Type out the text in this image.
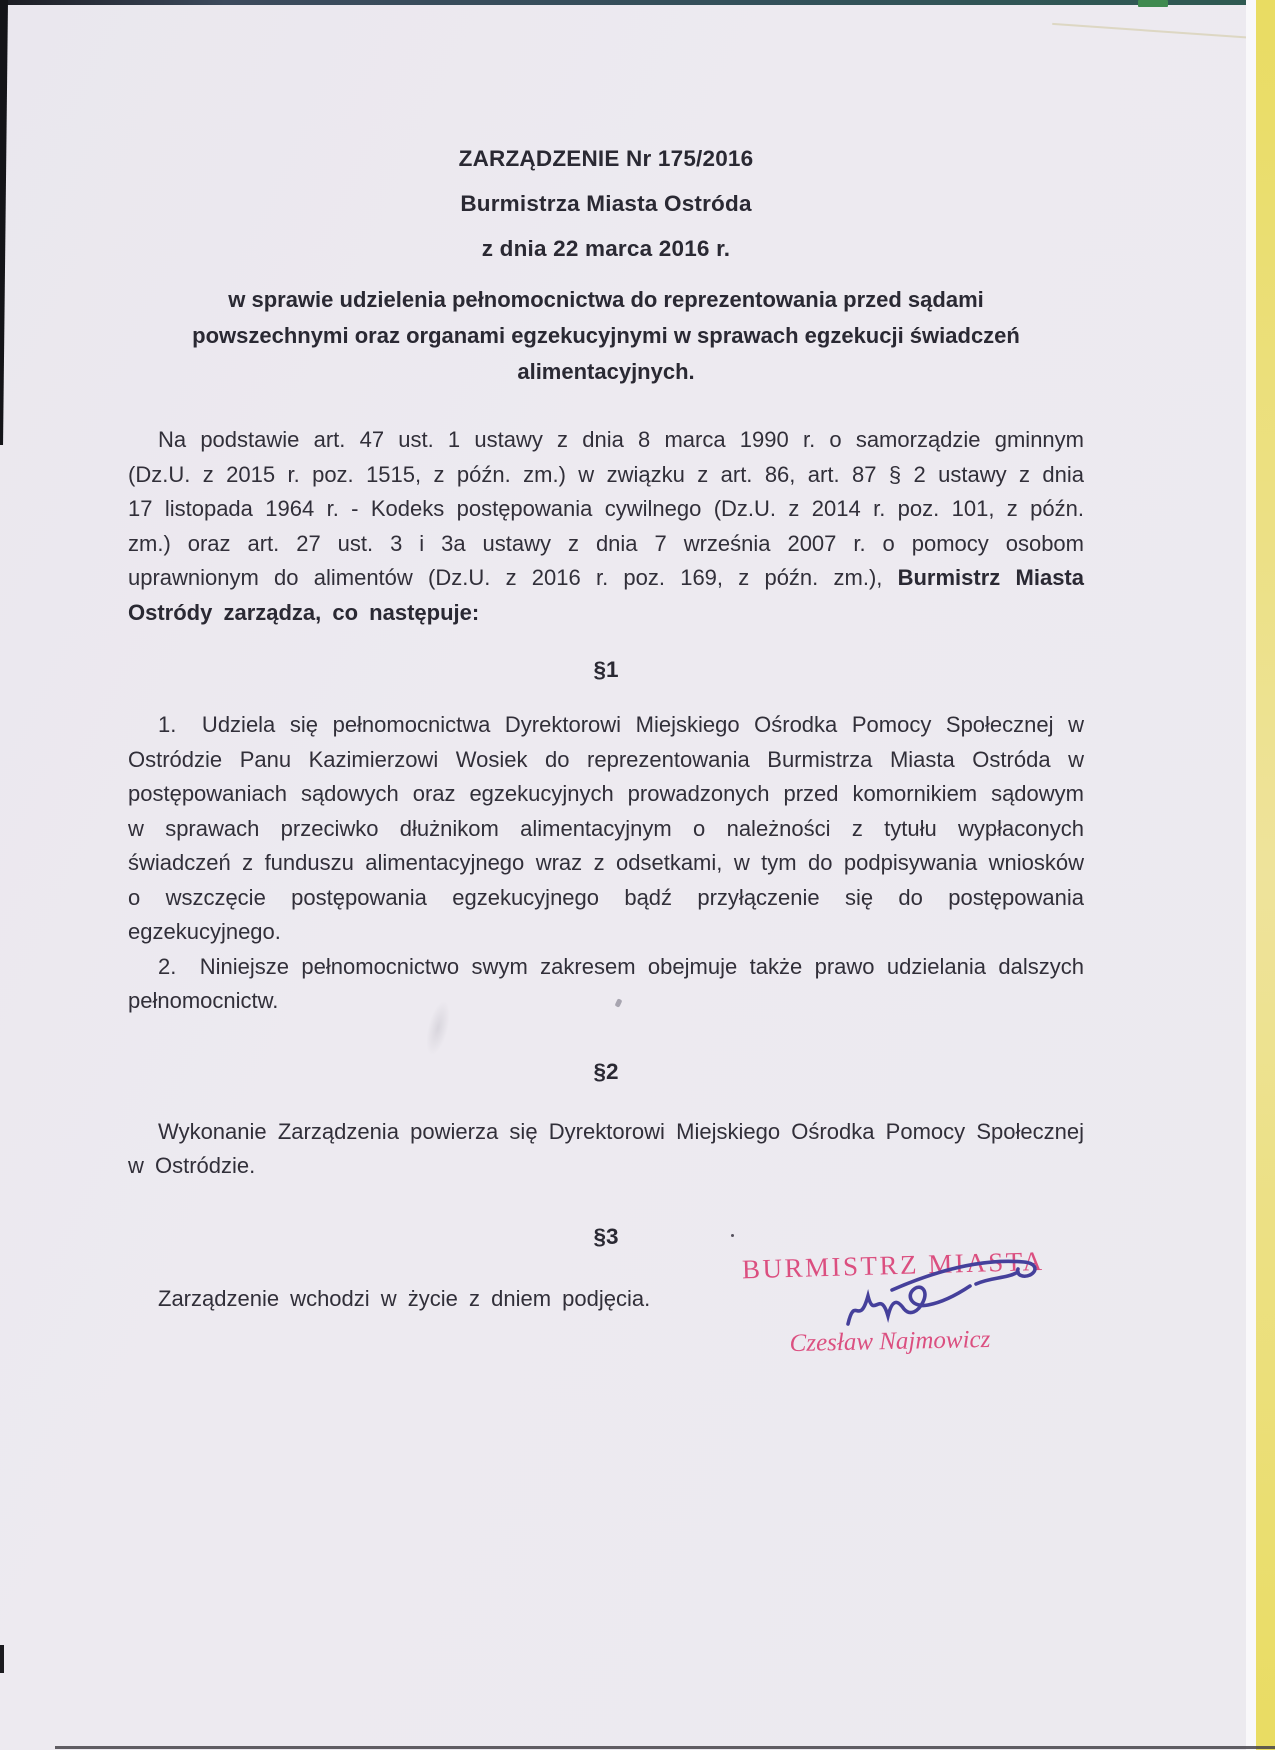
ZARZĄDZENIE Nr 175/2016
Burmistrza Miasta Ostróda
z dnia 22 marca 2016 r.
w sprawie udzielenia pełnomocnictwa do reprezentowania przed sądami
powszechnymi oraz organami egzekucyjnymi w sprawach egzekucji świadczeń
alimentacyjnych.

Na podstawie art. 47 ust. 1 ustawy z dnia 8 marca 1990 r. o samorządzie gminnym (Dz.U. z 2015 r. poz. 1515, z późn. zm.) w związku z art. 86, art. 87 § 2 ustawy z dnia 17 listopada 1964 r. - Kodeks postępowania cywilnego (Dz.U. z 2014 r. poz. 101, z późn. zm.) oraz art. 27 ust. 3 i 3a ustawy z dnia 7 września 2007 r. o pomocy osobom uprawnionym do alimentów (Dz.U. z 2016 r. poz. 169, z późn. zm.), Burmistrz Miasta Ostródy zarządza, co następuje:

§1

1.  Udziela się pełnomocnictwa Dyrektorowi Miejskiego Ośrodka Pomocy Społecznej w Ostródzie Panu Kazimierzowi Wosiek do reprezentowania Burmistrza Miasta Ostróda w postępowaniach sądowych oraz egzekucyjnych prowadzonych przed komornikiem sądowym w sprawach przeciwko dłużnikom alimentacyjnym o należności z tytułu wypłaconych świadczeń z funduszu alimentacyjnego wraz z odsetkami, w tym do podpisywania wniosków o wszczęcie postępowania egzekucyjnego bądź przyłączenie się do postępowania egzekucyjnego.

2.  Niniejsze pełnomocnictwo swym zakresem obejmuje także prawo udzielania dalszych pełnomocnictw.

§2

Wykonanie Zarządzenia powierza się Dyrektorowi Miejskiego Ośrodka Pomocy Społecznej w Ostródzie.

§3

Zarządzenie wchodzi w życie z dniem podjęcia.

BURMISTRZ MIASTA
Czesław Najmowicz
